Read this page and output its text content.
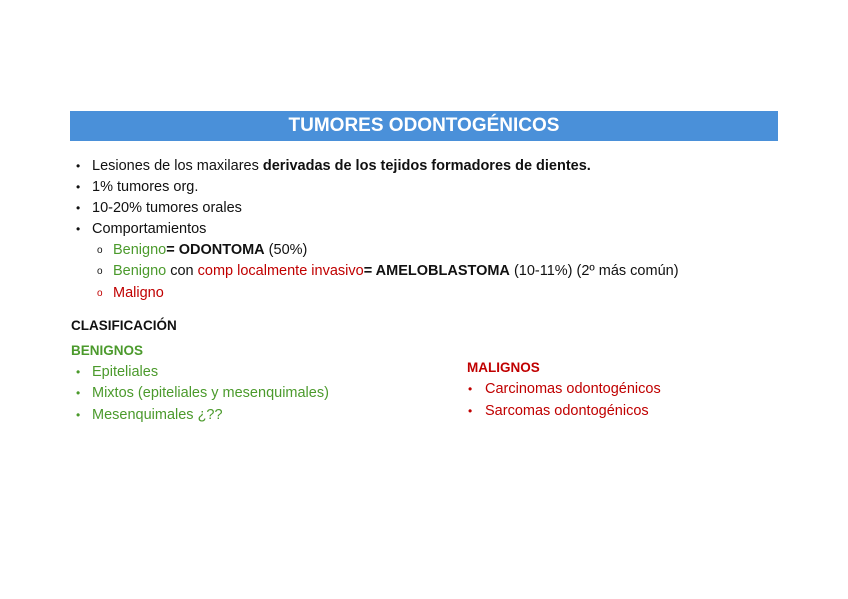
TUMORES ODONTOGÉNICOS
• Lesiones de los maxilares derivadas de los tejidos formadores de dientes.
• 1% tumores org.
• 10-20% tumores orales
• Comportamientos
o Benigno= ODONTOMA (50%)
o Benigno con comp localmente invasivo= AMELOBLASTOMA (10-11%) (2º más común)
o Maligno
CLASIFICACIÓN
BENIGNOS
• Epiteliales
• Mixtos (epiteliales y mesenquimales)
• Mesenquimales ¿??
MALIGNOS
• Carcinomas odontogénicos
• Sarcomas odontogénicos
